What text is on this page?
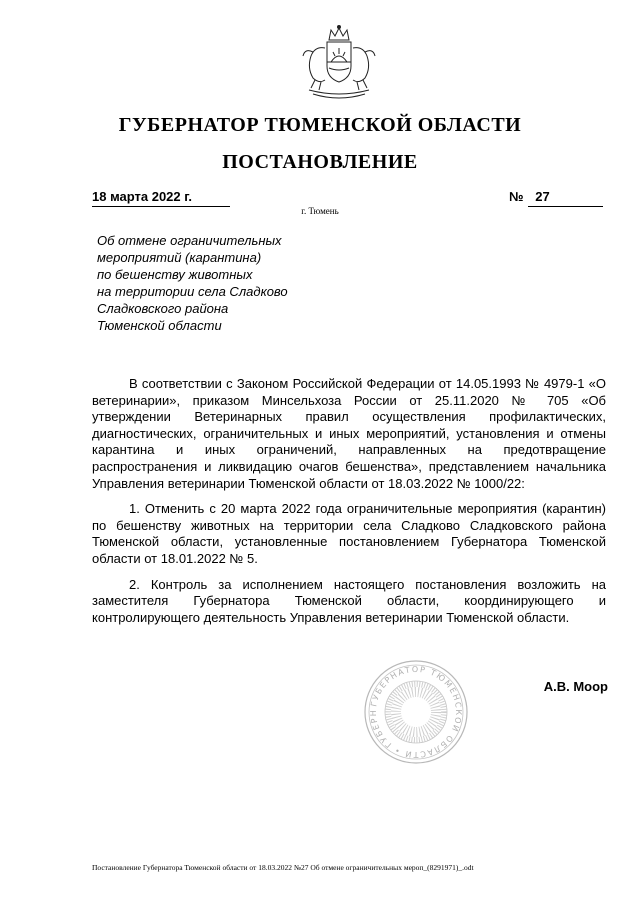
ГУБЕРНАТОР ТЮМЕНСКОЙ ОБЛАСТИ
ПОСТАНОВЛЕНИЕ
18 марта 2022 г.	№ 27
г. Тюмень
Об отмене ограничительных
мероприятий (карантина)
по бешенству животных
на территории села Сладково
Сладковского района
Тюменской области

В соответствии с Законом Российской Федерации от 14.05.1993 № 4979-1 «О ветеринарии», приказом Минсельхоза России от 25.11.2020 № 705 «Об утверждении Ветеринарных правил осуществления профилактических, диагностических, ограничительных и иных мероприятий, установления и отмены карантина и иных ограничений, направленных на предотвращение распространения и ликвидацию очагов бешенства», представлением начальника Управления ветеринарии Тюменской области от 18.03.2022 № 1000/22:

1. Отменить с 20 марта 2022 года ограничительные мероприятия (карантин) по бешенству животных на территории села Сладково Сладковского района Тюменской области, установленные постановлением Губернатора Тюменской области от 18.01.2022 № 5.

2. Контроль за исполнением настоящего постановления возложить на заместителя Губернатора Тюменской области, координирующего и контролирующего деятельность Управления ветеринарии Тюменской области.

ГУБЕРНАТОР ТЮМЕНСКОЙ ОБЛАСТИ • ГУБЕРН
А.В. Моор
Постановление Губернатора Тюменской области от 18.03.2022 №27 Об отмене ограничительных мероп_(8291971)_.odt
